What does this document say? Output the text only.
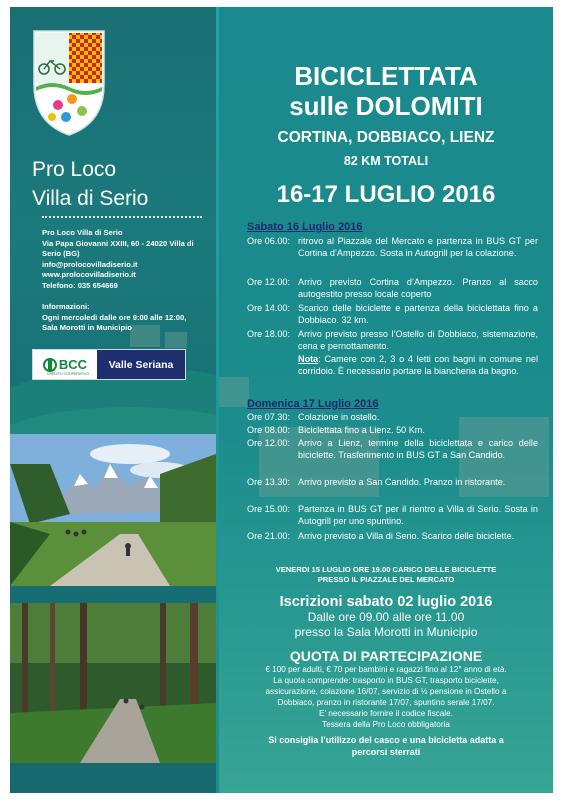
Pro Loco
Villa di Serio
Pro Loco Villa di Serio
Via Papa Giovanni XXIII, 60 - 24020 Villa di
Serio (BG)
info@prolocovilladiserio.it
www.prolocovilladiserio.it
Telefono: 035 654669
Informazioni:
Ogni mercoledì dalle ore 9:00 alle 12:00,
Sala Morotti in Municipio
BCC
CREDITO COOPERATIVO
Valle Seriana
BICICLETTATA
sulle DOLOMITI
CORTINA, DOBBIACO, LIENZ
82 KM TOTALI
16-17 LUGLIO 2016
Sabato 16 Luglio 2016
Ore 06.00: ritrovo al Piazzale del Mercato e partenza in BUS GT per Cortina d’Ampezzo. Sosta in Autogrill per la colazione.
Ore 12.00: Arrivo previsto Cortina d’Ampezzo. Pranzo al sacco autogestito presso locale coperto
Ore 14.00: Scarico delle biciclette e partenza della biciclettata fino a Dobbiaco. 32 km.
Ore 18.00: Arrivo previsto presso l’Ostello di Dobbiaco, sistemazione, cena e pernottamento.
Nota: Camere con 2, 3 o 4 letti con bagni in comune nel corridoio. È necessario portare la biancheria da bagno.
Domenica 17 Luglio 2016
Ore 07.30: Colazione in ostello.
Ore 08.00: Biciclettata fino a Lienz. 50 Km.
Ore 12.00: Arrivo a Lienz, termine della biciclettata e carico delle biciclette. Trasferimento in BUS GT a San Candido.
Ore 13.30: Arrivo previsto a San Candido. Pranzo in ristorante.
Ore 15.00: Partenza in BUS GT per il rientro a Villa di Serio. Sosta in Autogrill per uno spuntino.
Ore 21.00: Arrivo previsto a Villa di Serio. Scarico delle biciclette.
VENERDI 15 LUGLIO ORE 19.00 CARICO DELLE BICICLETTE
PRESSO IL PIAZZALE DEL MERCATO
Iscrizioni sabato 02 luglio 2016
Dalle ore 09.00 alle ore 11.00
presso la Sala Morotti in Municipio
QUOTA DI PARTECIPAZIONE
€ 100 per adulti, € 70 per bambini e ragazzi fino al 12° anno di età.
La quota comprende: trasporto in BUS GT, trasporto biciclette,
assicurazione, colazione 16/07, servizio di ½ pensione in Ostello a
Dobbiaco, pranzo in ristorante 17/07, spuntino serale 17/07.
E’ necessario fornire il codice fiscale.
Tessera della Pro Loco obbligatoria
Si consiglia l’utilizzo del casco e una bicicletta adatta a
percorsi sterrati
